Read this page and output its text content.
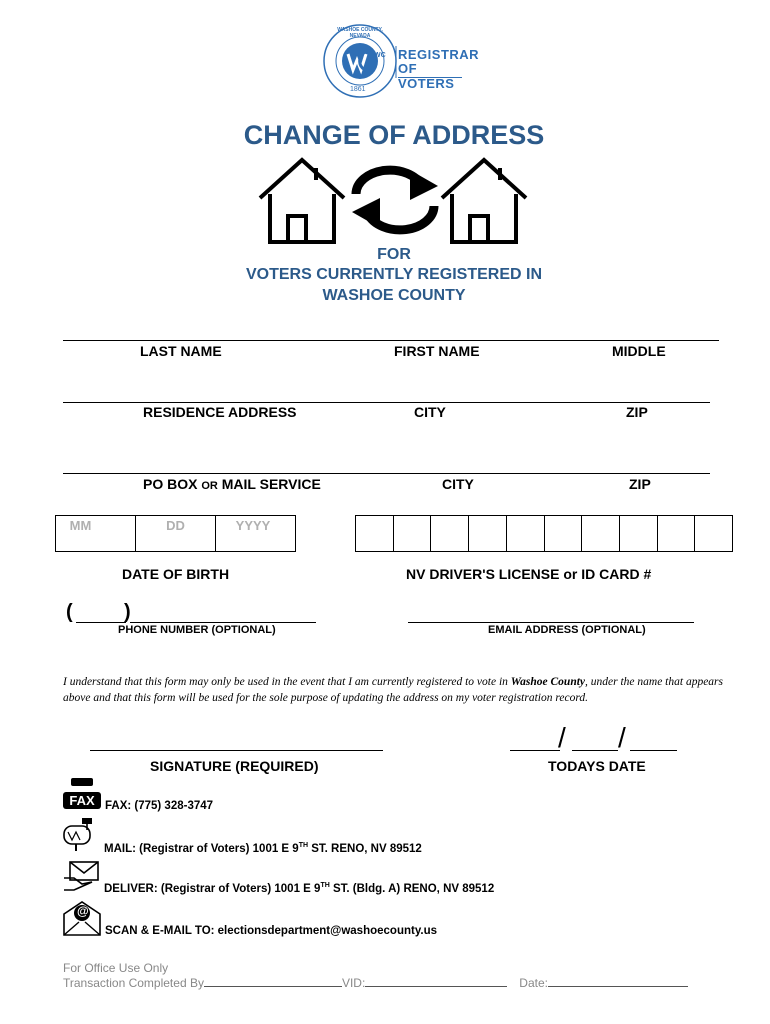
WASHOE COUNTY, NEVADA
WC
1861
REGISTRAR
OF VOTERS
CHANGE OF ADDRESS
FOR
VOTERS CURRENTLY REGISTERED IN
WASHOE COUNTY
LAST NAME	FIRST NAME	MIDDLE
RESIDENCE ADDRESS	CITY	ZIP
PO BOX OR MAIL SERVICE	CITY	ZIP
MM	DD	YYYY
DATE OF BIRTH	NV DRIVER'S LICENSE or ID CARD #
(	)
PHONE NUMBER (OPTIONAL)	EMAIL ADDRESS (OPTIONAL)
I understand that this form may only be used in the event that I am currently registered to vote in Washoe County, under the name that appears above and that this form will be used for the sole purpose of updating the address on my voter registration record.
SIGNATURE (REQUIRED)
/ /
TODAYS DATE
FAX FAX: (775) 328-3747
MAIL: (Registrar of Voters) 1001 E 9TH ST. RENO, NV 89512
DELIVER: (Registrar of Voters) 1001 E 9TH ST. (Bldg. A) RENO, NV 89512
@
SCAN & E-MAIL TO: electionsdepartment@washoecounty.us
For Office Use Only
Transaction Completed By	VID:	Date:
